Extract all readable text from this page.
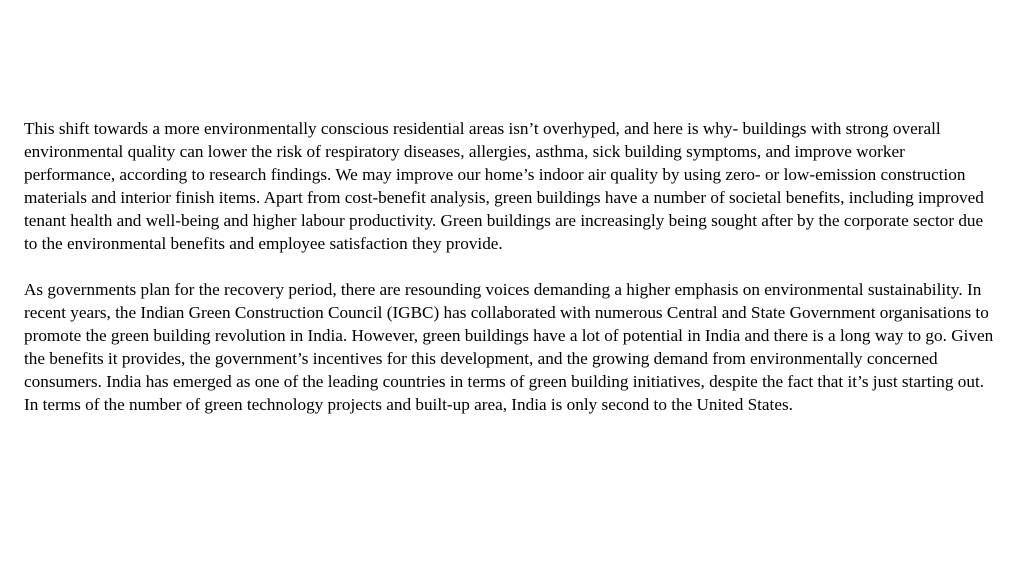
This shift towards a more environmentally conscious residential areas isn’t overhyped, and here is why- buildings with strong overall environmental quality can lower the risk of respiratory diseases, allergies, asthma, sick building symptoms, and improve worker performance, according to research findings. We may improve our home’s indoor air quality by using zero- or low-emission construction materials and interior finish items. Apart from cost-benefit analysis, green buildings have a number of societal benefits, including improved tenant health and well-being and higher labour productivity. Green buildings are increasingly being sought after by the corporate sector due to the environmental benefits and employee satisfaction they provide.

As governments plan for the recovery period, there are resounding voices demanding a higher emphasis on environmental sustainability. In recent years, the Indian Green Construction Council (IGBC) has collaborated with numerous Central and State Government organisations to promote the green building revolution in India. However, green buildings have a lot of potential in India and there is a long way to go. Given the benefits it provides, the government’s incentives for this development, and the growing demand from environmentally concerned consumers. India has emerged as one of the leading countries in terms of green building initiatives, despite the fact that it’s just starting out. In terms of the number of green technology projects and built-up area, India is only second to the United States.
